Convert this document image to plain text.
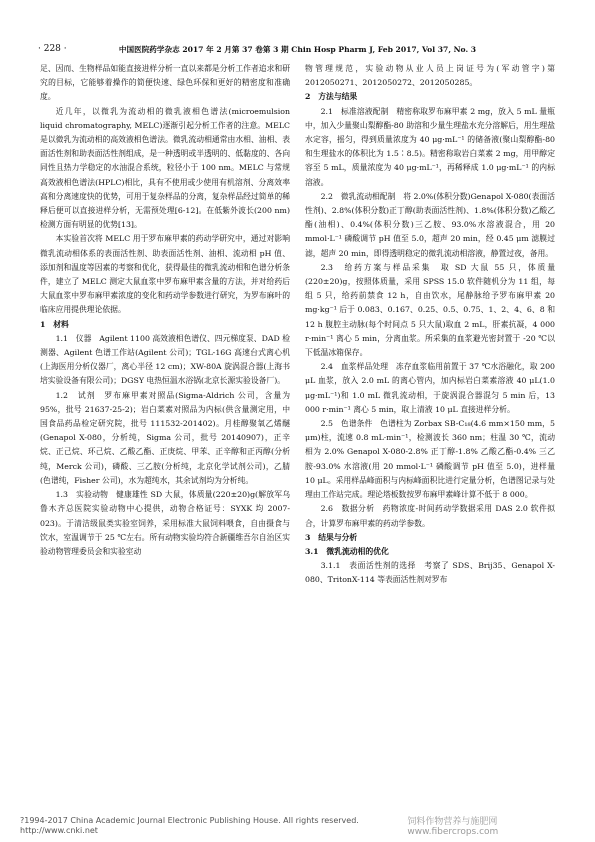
· 228 ·	中国医院药学杂志 2017 年 2 月第 37 卷第 3 期 Chin Hosp Pharm J, Feb 2017, Vol 37, No. 3

足、因而、生物样品如能直接进样分析一直以来都是分析工作者追求和研究的目标，它能够着操作的简便快速、绿色环保和更好的精密度和准确度。

近几年，以微乳为流动相的微乳液相色谱法(microemulsion liquid chromatography, MELC)逐渐引起分析工作者的注意。MELC 是以微乳为流动相的高效液相色谱法。微乳流动相通常由水相、油相、表面活性剂和助表面活性剂组成，是一种透明或半透明的、低黏度的、各向同性且热力学稳定的水油混合系统，粒径小于 100 nm。MELC 与常规高效液相色谱法(HPLC)相比，具有不使用或少使用有机溶剂、分离效率高和分离速度快的优势，可用于复杂样品的分离，复杂样品经过简单的稀释后便可以直接进样分析，无需预处理[6-12]。在低紫外波长(200 nm)检测方面有明显的优势[13]。

本实验首次将 MELC 用于罗布麻甲素的药动学研究中，通过对影响微乳流动相体系的表面活性剂、助表面活性剂、油相、流动相 pH 值、添加剂和温度等因素的考察和优化，获得最佳的微乳流动相和色谱分析条件，建立了 MELC 测定大鼠血浆中罗布麻甲素含量的方法，并对给药后大鼠血浆中罗布麻甲素浓度的变化和药动学参数进行研究，为罗布麻叶的临床应用提供理论依据。

1　材料

1.1　仪器　Agilent 1100 高效液相色谱仪、四元梯度泵、DAD 检测器、Agilent 色谱工作站(Agilent 公司)；TGL-16G 高速台式离心机(上海医用分析仪器厂，离心半径 12 cm)；XW-80A 旋涡混合器(上海书培实验设备有限公司)；DGSY 电热恒温水浴锅(北京长源实验设备厂)。

1.2　试剂　罗布麻甲素对照品(Sigma-Aldrich 公司，含量为 95%，批号 21637-25-2)；岩白菜素对照品为内标(供含量测定用，中国食品药品检定研究院，批号 111532-201402)。月桂醇聚氧乙烯醚(Genapol X-080，分析纯，Sigma 公司，批号 20140907)，正辛烷、正己烷、环己烷、乙酸乙酯、正庚烷、甲苯、正辛醇和正丙醇(分析纯，Merck 公司)，磷酸、三乙胺(分析纯，北京化学试剂公司)，乙腈(色谱纯，Fisher 公司)，水为超纯水，其余试剂均为分析纯。

1.3　实验动物　健康雄性 SD 大鼠，体质量(220±20)g(解放军乌鲁木齐总医院实验动物中心提供，动物合格证号：SYXK 均 2007-023)。于清洁级鼠类实验室饲养，采用标准大鼠饲料喂食，自由摄食与饮水，室温调节于 25 ℃左右。所有动物实验均符合新疆维吾尔自治区实验动物管理委员会和实验室动

物管理规范，实验动物从业人员上岗证号为(军动管字)第 2012050271、2012050272、2012050285。

2　方法与结果

2.1　标准溶液配制　精密称取罗布麻甲素 2 mg，放入 5 mL 量瓶中，加入少量聚山梨醇酯-80 助溶和少量生理盐水充分溶解后，用生理盐水定容，摇匀，得到质量浓度为 40 μg·mL⁻¹ 的储备液(聚山梨醇酯-80 和生理盐水的体积比为 1.5∶8.5)。精密称取岩白菜素 2 mg，用甲醇定容至 5 mL，质量浓度为 40 μg·mL⁻¹，再稀释成 1.0 μg·mL⁻¹ 的内标溶液。

2.2　微乳流动相配制　将 2.0%(体积分数)Genapol X-080(表面活性剂)、2.8%(体积分数)正丁醇(助表面活性剂)、1.8%(体积分数)乙酸乙酯(油相)、0.4%(体积分数)三乙胺、93.0%水溶液混合，用 20 mmol·L⁻¹ 磷酸调节 pH 值至 5.0，超声 20 min，经 0.45 μm 滤膜过滤，超声 20 min，即得透明稳定的微乳流动相溶液，静置过夜，备用。

2.3　给药方案与样品采集　取 SD 大鼠 55 只，体质量(220±20)g，按照体质量，采用 SPSS 15.0 软件随机分为 11 组，每组 5 只，给药前禁食 12 h，自由饮水，尾静脉给予罗布麻甲素 20 mg·kg⁻¹ 后于 0.083、0.167、0.25、0.5、0.75、1、2、4、6、8 和 12 h 腹腔主动脉(每个时间点 5 只大鼠)取血 2 mL，肝素抗凝，4 000 r·min⁻¹ 离心 5 min，分离血浆。所采集的血浆避光密封置于 -20 ℃以下低温冰箱保存。

2.4　血浆样品处理　冻存血浆临用前置于 37 ℃水浴融化，取 200 μL 血浆，放入 2.0 mL 的离心管内，加内标岩白菜素溶液 40 μL(1.0 μg·mL⁻¹)和 1.0 mL 微乳流动相，于旋涡混合器混匀 5 min 后，13 000 r·min⁻¹ 离心 5 min，取上清液 10 μL 直接进样分析。

2.5　色谱条件　色谱柱为 Zorbax SB-C₁₈(4.6 mm×150 mm，5 μm)柱，流速 0.8 mL·min⁻¹，检测波长 360 nm；柱温 30 ℃，流动相为 2.0% Genapol X-080-2.8% 正丁醇-1.8% 乙酸乙酯-0.4% 三乙胺-93.0% 水溶液(用 20 mmol·L⁻¹ 磷酸调节 pH 值至 5.0)，进样量 10 μL。采用样品峰面积与内标峰面积比进行定量分析，色谱图记录与处理由工作站完成。理论塔板数按罗布麻甲素峰计算不低于 8 000。

2.6　数据分析　药物浓度-时间药动学数据采用 DAS 2.0 软件拟合，计算罗布麻甲素的药动学参数。

3　结果与分析

3.1　微乳流动相的优化

3.1.1　表面活性剂的选择　考察了 SDS、Brij35、Genapol X-080、TritonX-114 等表面活性剂对罗布

?1994-2017 China Academic Journal Electronic Publishing House. All rights reserved.　http://www.cnki.net
饲料作物营养与施肥网 www.fibercrops.com
